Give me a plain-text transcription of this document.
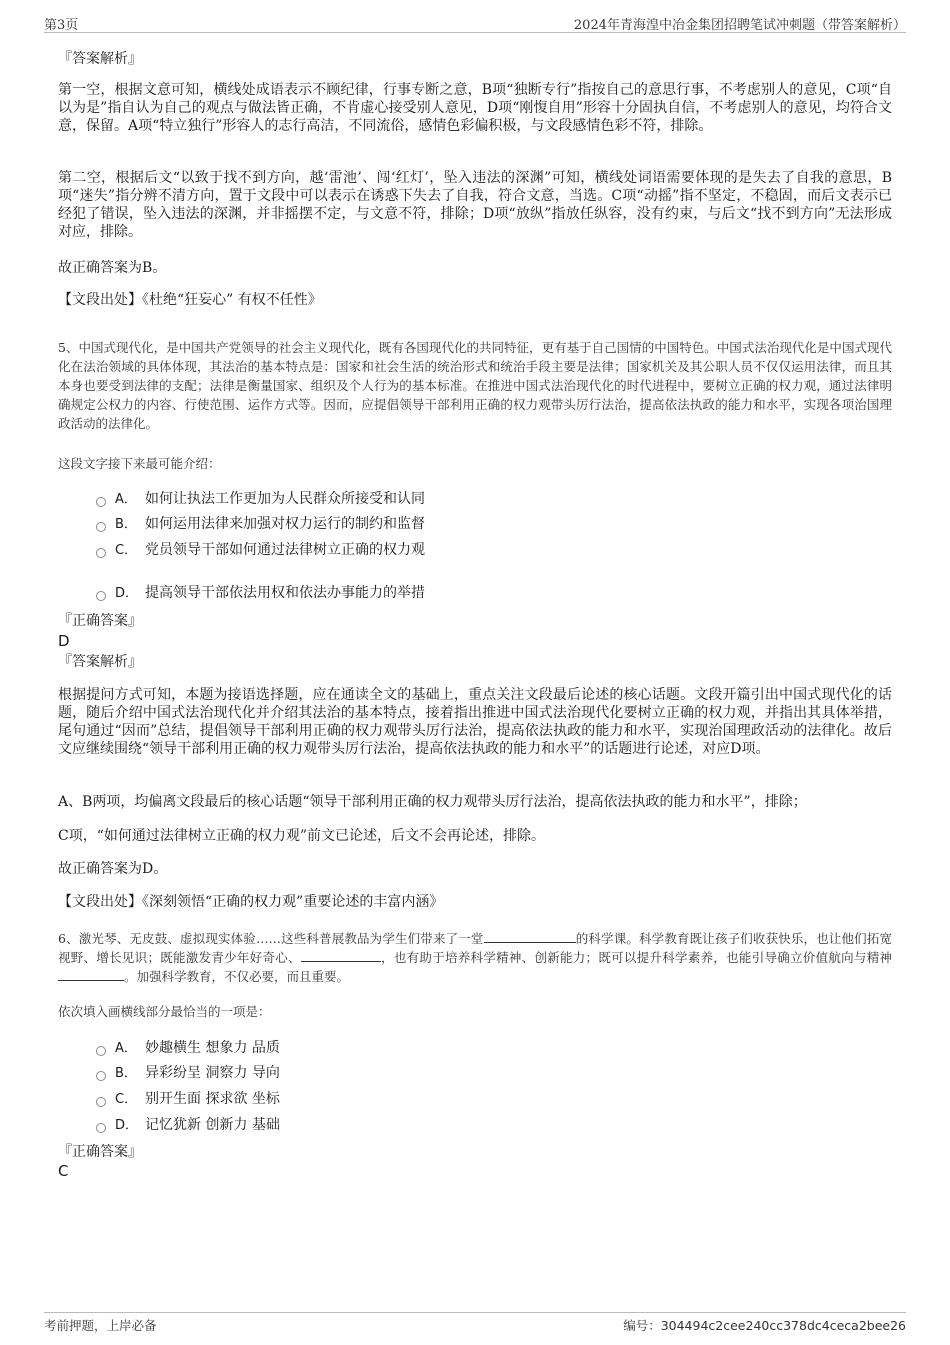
第3页	2024年青海湟中冶金集团招聘笔试冲刺题（带答案解析）
『答案解析』
第一空，根据文意可知，横线处成语表示不顾纪律，行事专断之意，B项“独断专行”指按自己的意思行事，不考虑别人的意见，C项“自以为是”指自认为自己的观点与做法皆正确，不肯虚心接受别人意见，D项“刚愎自用”形容十分固执自信，不考虑别人的意见，均符合文意，保留。A项“特立独行”形容人的志行高洁，不同流俗，感情色彩偏积极，与文段感情色彩不符，排除。
第二空，根据后文“以致于找不到方向，越‘雷池’、闯‘红灯’，坠入违法的深渊”可知，横线处词语需要体现的是失去了自我的意思，B项“迷失”指分辨不清方向，置于文段中可以表示在诱惑下失去了自我，符合文意，当选。C项“动摇”指不坚定，不稳固，而后文表示已经犯了错误，坠入违法的深渊，并非摇摆不定，与文意不符，排除；D项“放纵”指放任纵容，没有约束，与后文“找不到方向”无法形成对应，排除。
故正确答案为B。
【文段出处】《杜绝“狂妄心” 有权不任性》
5、中国式现代化，是中国共产党领导的社会主义现代化，既有各国现代化的共同特征，更有基于自己国情的中国特色。中国式法治现代化是中国式现代化在法治领域的具体体现，其法治的基本特点是：国家和社会生活的统治形式和统治手段主要是法律；国家机关及其公职人员不仅仅运用法律，而且其本身也要受到法律的支配；法律是衡量国家、组织及个人行为的基本标准。在推进中国式法治现代化的时代进程中，要树立正确的权力观，通过法律明确规定公权力的内容、行使范围、运作方式等。因而，应提倡领导干部利用正确的权力观带头厉行法治，提高依法执政的能力和水平，实现各项治国理政活动的法律化。
这段文字接下来最可能介绍：
A． 如何让执法工作更加为人民群众所接受和认同
B． 如何运用法律来加强对权力运行的制约和监督
C． 党员领导干部如何通过法律树立正确的权力观
D． 提高领导干部依法用权和依法办事能力的举措
『正确答案』
D
『答案解析』
根据提问方式可知，本题为接语选择题，应在通读全文的基础上，重点关注文段最后论述的核心话题。文段开篇引出中国式现代化的话题，随后介绍中国式法治现代化并介绍其法治的基本特点，接着指出推进中国式法治现代化要树立正确的权力观，并指出其具体举措，尾句通过“因而”总结，提倡领导干部利用正确的权力观带头厉行法治，提高依法执政的能力和水平，实现治国理政活动的法律化。故后文应继续围绕“领导干部利用正确的权力观带头厉行法治，提高依法执政的能力和水平”的话题进行论述，对应D项。
A、B两项，均偏离文段最后的核心话题“领导干部利用正确的权力观带头厉行法治，提高依法执政的能力和水平”，排除；
C项，“如何通过法律树立正确的权力观”前文已论述，后文不会再论述，排除。
故正确答案为D。
【文段出处】《深刻领悟“正确的权力观”重要论述的丰富内涵》
6、激光琴、无皮鼓、虚拟现实体验……这些科普展教品为学生们带来了一堂	的科学课。科学教育既让孩子们收获快乐，也让他们拓宽视野、增长见识；既能激发青少年好奇心、	，也有助于培养科学精神、创新能力；既可以提升科学素养，也能引导确立价值航向与精神。加强科学教育，不仅必要，而且重要。
依次填入画横线部分最恰当的一项是：
A． 妙趣横生 想象力 品质
B． 异彩纷呈 洞察力 导向
C． 别开生面 探求欲 坐标
D． 记忆犹新 创新力 基础
『正确答案』
C
考前押题，上岸必备	编号：304494c2cee240cc378dc4ceca2bee26
